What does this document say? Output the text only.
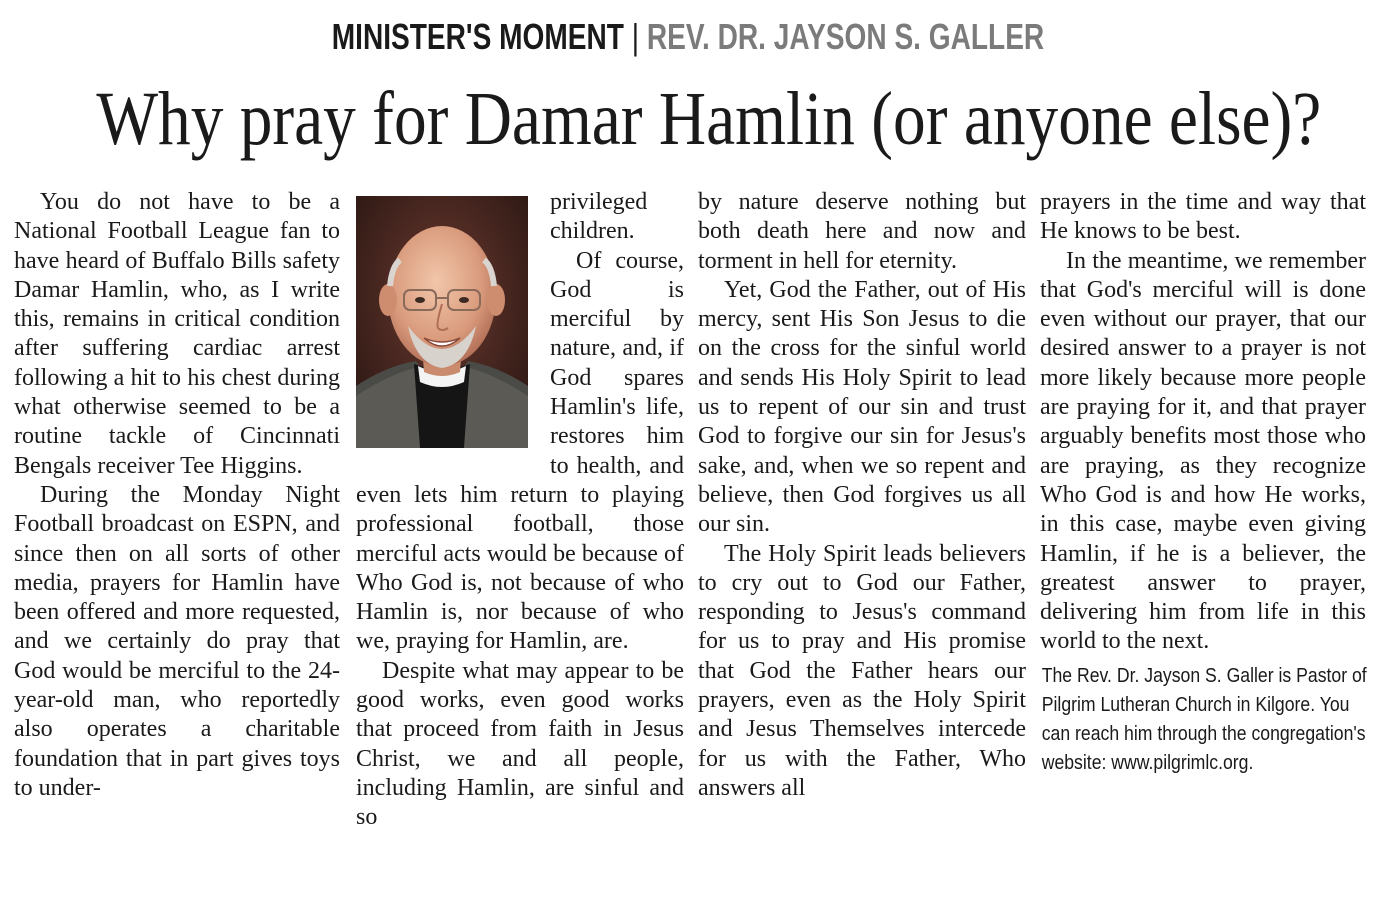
MINISTER'S MOMENT | REV. DR. JAYSON S. GALLER
Why pray for Damar Hamlin (or anyone else)?

You do not have to be a National Football League fan to have heard of Buffalo Bills safety Damar Hamlin, who, as I write this, remains in critical condition after suffering cardiac arrest following a hit to his chest during what otherwise seemed to be a routine tackle of Cincinnati Bengals receiver Tee Higgins.

During the Monday Night Football broadcast on ESPN, and since then on all sorts of other media, prayers for Hamlin have been offered and more requested, and we certainly do pray that God would be merciful to the 24-year-old man, who reportedly also operates a charitable foundation that in part gives toys to under-

privileged children.

Of course, God is merciful by nature, and, if God spares Hamlin's life, restores him to health, and even lets him return to playing professional football, those merciful acts would be because of Who God is, not because of who Hamlin is, nor because of who we, praying for Hamlin, are.

Despite what may appear to be good works, even good works that proceed from faith in Jesus Christ, we and all people, including Hamlin, are sinful and so

by nature deserve nothing but both death here and now and torment in hell for eternity.

Yet, God the Father, out of His mercy, sent His Son Jesus to die on the cross for the sinful world and sends His Holy Spirit to lead us to repent of our sin and trust God to forgive our sin for Jesus's sake, and, when we so repent and believe, then God forgives us all our sin.

The Holy Spirit leads believers to cry out to God our Father, responding to Jesus's command for us to pray and His promise that God the Father hears our prayers, even as the Holy Spirit and Jesus Themselves intercede for us with the Father, Who answers all

prayers in the time and way that He knows to be best.

In the meantime, we remember that God's merciful will is done even without our prayer, that our desired answer to a prayer is not more likely because more people are praying for it, and that prayer arguably benefits most those who are praying, as they recognize Who God is and how He works, in this case, maybe even giving Hamlin, if he is a believer, the greatest answer to prayer, delivering him from life in this world to the next.

The Rev. Dr. Jayson S. Galler is Pastor of Pilgrim Lutheran Church in Kilgore. You can reach him through the congregation's website: www.pilgrimlc.org.
